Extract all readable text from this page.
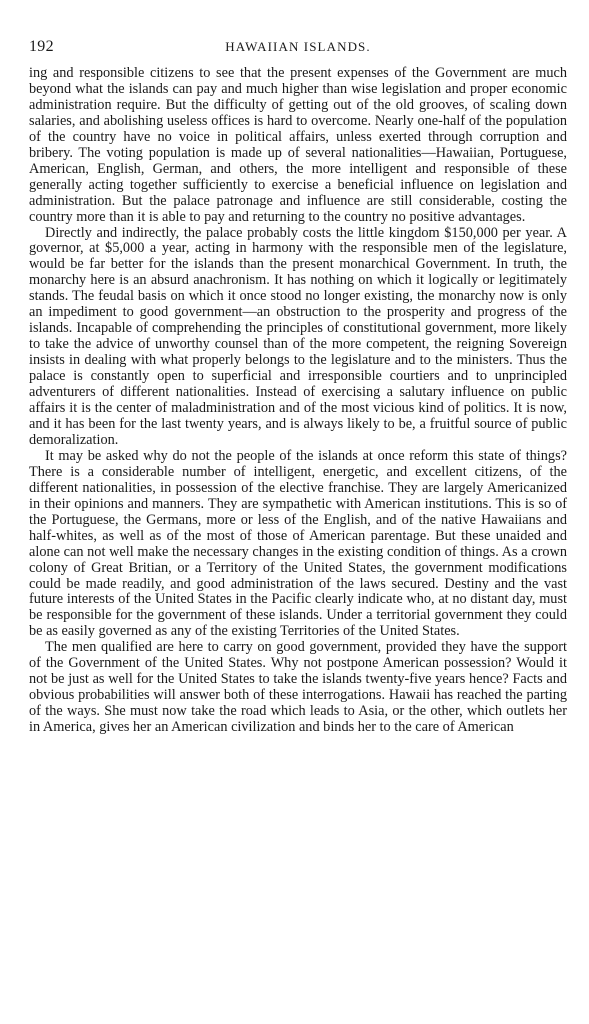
192	HAWAIIAN ISLANDS.

ing and responsible citizens to see that the present expenses of the Government are much beyond what the islands can pay and much higher than wise legislation and proper economic administration require. But the difficulty of getting out of the old grooves, of scaling down salaries, and abolishing useless offices is hard to overcome. Nearly one-half of the population of the country have no voice in political affairs, unless exerted through corruption and bribery. The voting population is made up of several nationalities—Hawaiian, Portuguese, American, English, German, and others, the more intelligent and responsible of these generally acting together sufficiently to exercise a beneficial influence on legislation and administration. But the palace patronage and influence are still considerable, costing the country more than it is able to pay and returning to the country no positive advantages.

Directly and indirectly, the palace probably costs the little kingdom $150,000 per year. A governor, at $5,000 a year, acting in harmony with the responsible men of the legislature, would be far better for the islands than the present monarchical Government. In truth, the monarchy here is an absurd anachronism. It has nothing on which it logically or legitimately stands. The feudal basis on which it once stood no longer existing, the monarchy now is only an impediment to good government—an obstruction to the prosperity and progress of the islands. Incapable of comprehending the principles of constitutional government, more likely to take the advice of unworthy counsel than of the more competent, the reigning Sovereign insists in dealing with what properly belongs to the legislature and to the ministers. Thus the palace is constantly open to superficial and irresponsible courtiers and to unprincipled adventurers of different nationalities. Instead of exercising a salutary influence on public affairs it is the center of maladministration and of the most vicious kind of politics. It is now, and it has been for the last twenty years, and is always likely to be, a fruitful source of public demoralization.

It may be asked why do not the people of the islands at once reform this state of things? There is a considerable number of intelligent, energetic, and excellent citizens, of the different nationalities, in possession of the elective franchise. They are largely Americanized in their opinions and manners. They are sympathetic with American institutions. This is so of the Portuguese, the Germans, more or less of the English, and of the native Hawaiians and half-whites, as well as of the most of those of American parentage. But these unaided and alone can not well make the necessary changes in the existing condition of things. As a crown colony of Great Britian, or a Territory of the United States, the government modifications could be made readily, and good administration of the laws secured. Destiny and the vast future interests of the United States in the Pacific clearly indicate who, at no distant day, must be responsible for the government of these islands. Under a territorial government they could be as easily governed as any of the existing Territories of the United States.

The men qualified are here to carry on good government, provided they have the support of the Government of the United States. Why not postpone American possession? Would it not be just as well for the United States to take the islands twenty-five years hence? Facts and obvious probabilities will answer both of these interrogations. Hawaii has reached the parting of the ways. She must now take the road which leads to Asia, or the other, which outlets her in America, gives her an American civilization and binds her to the care of American
